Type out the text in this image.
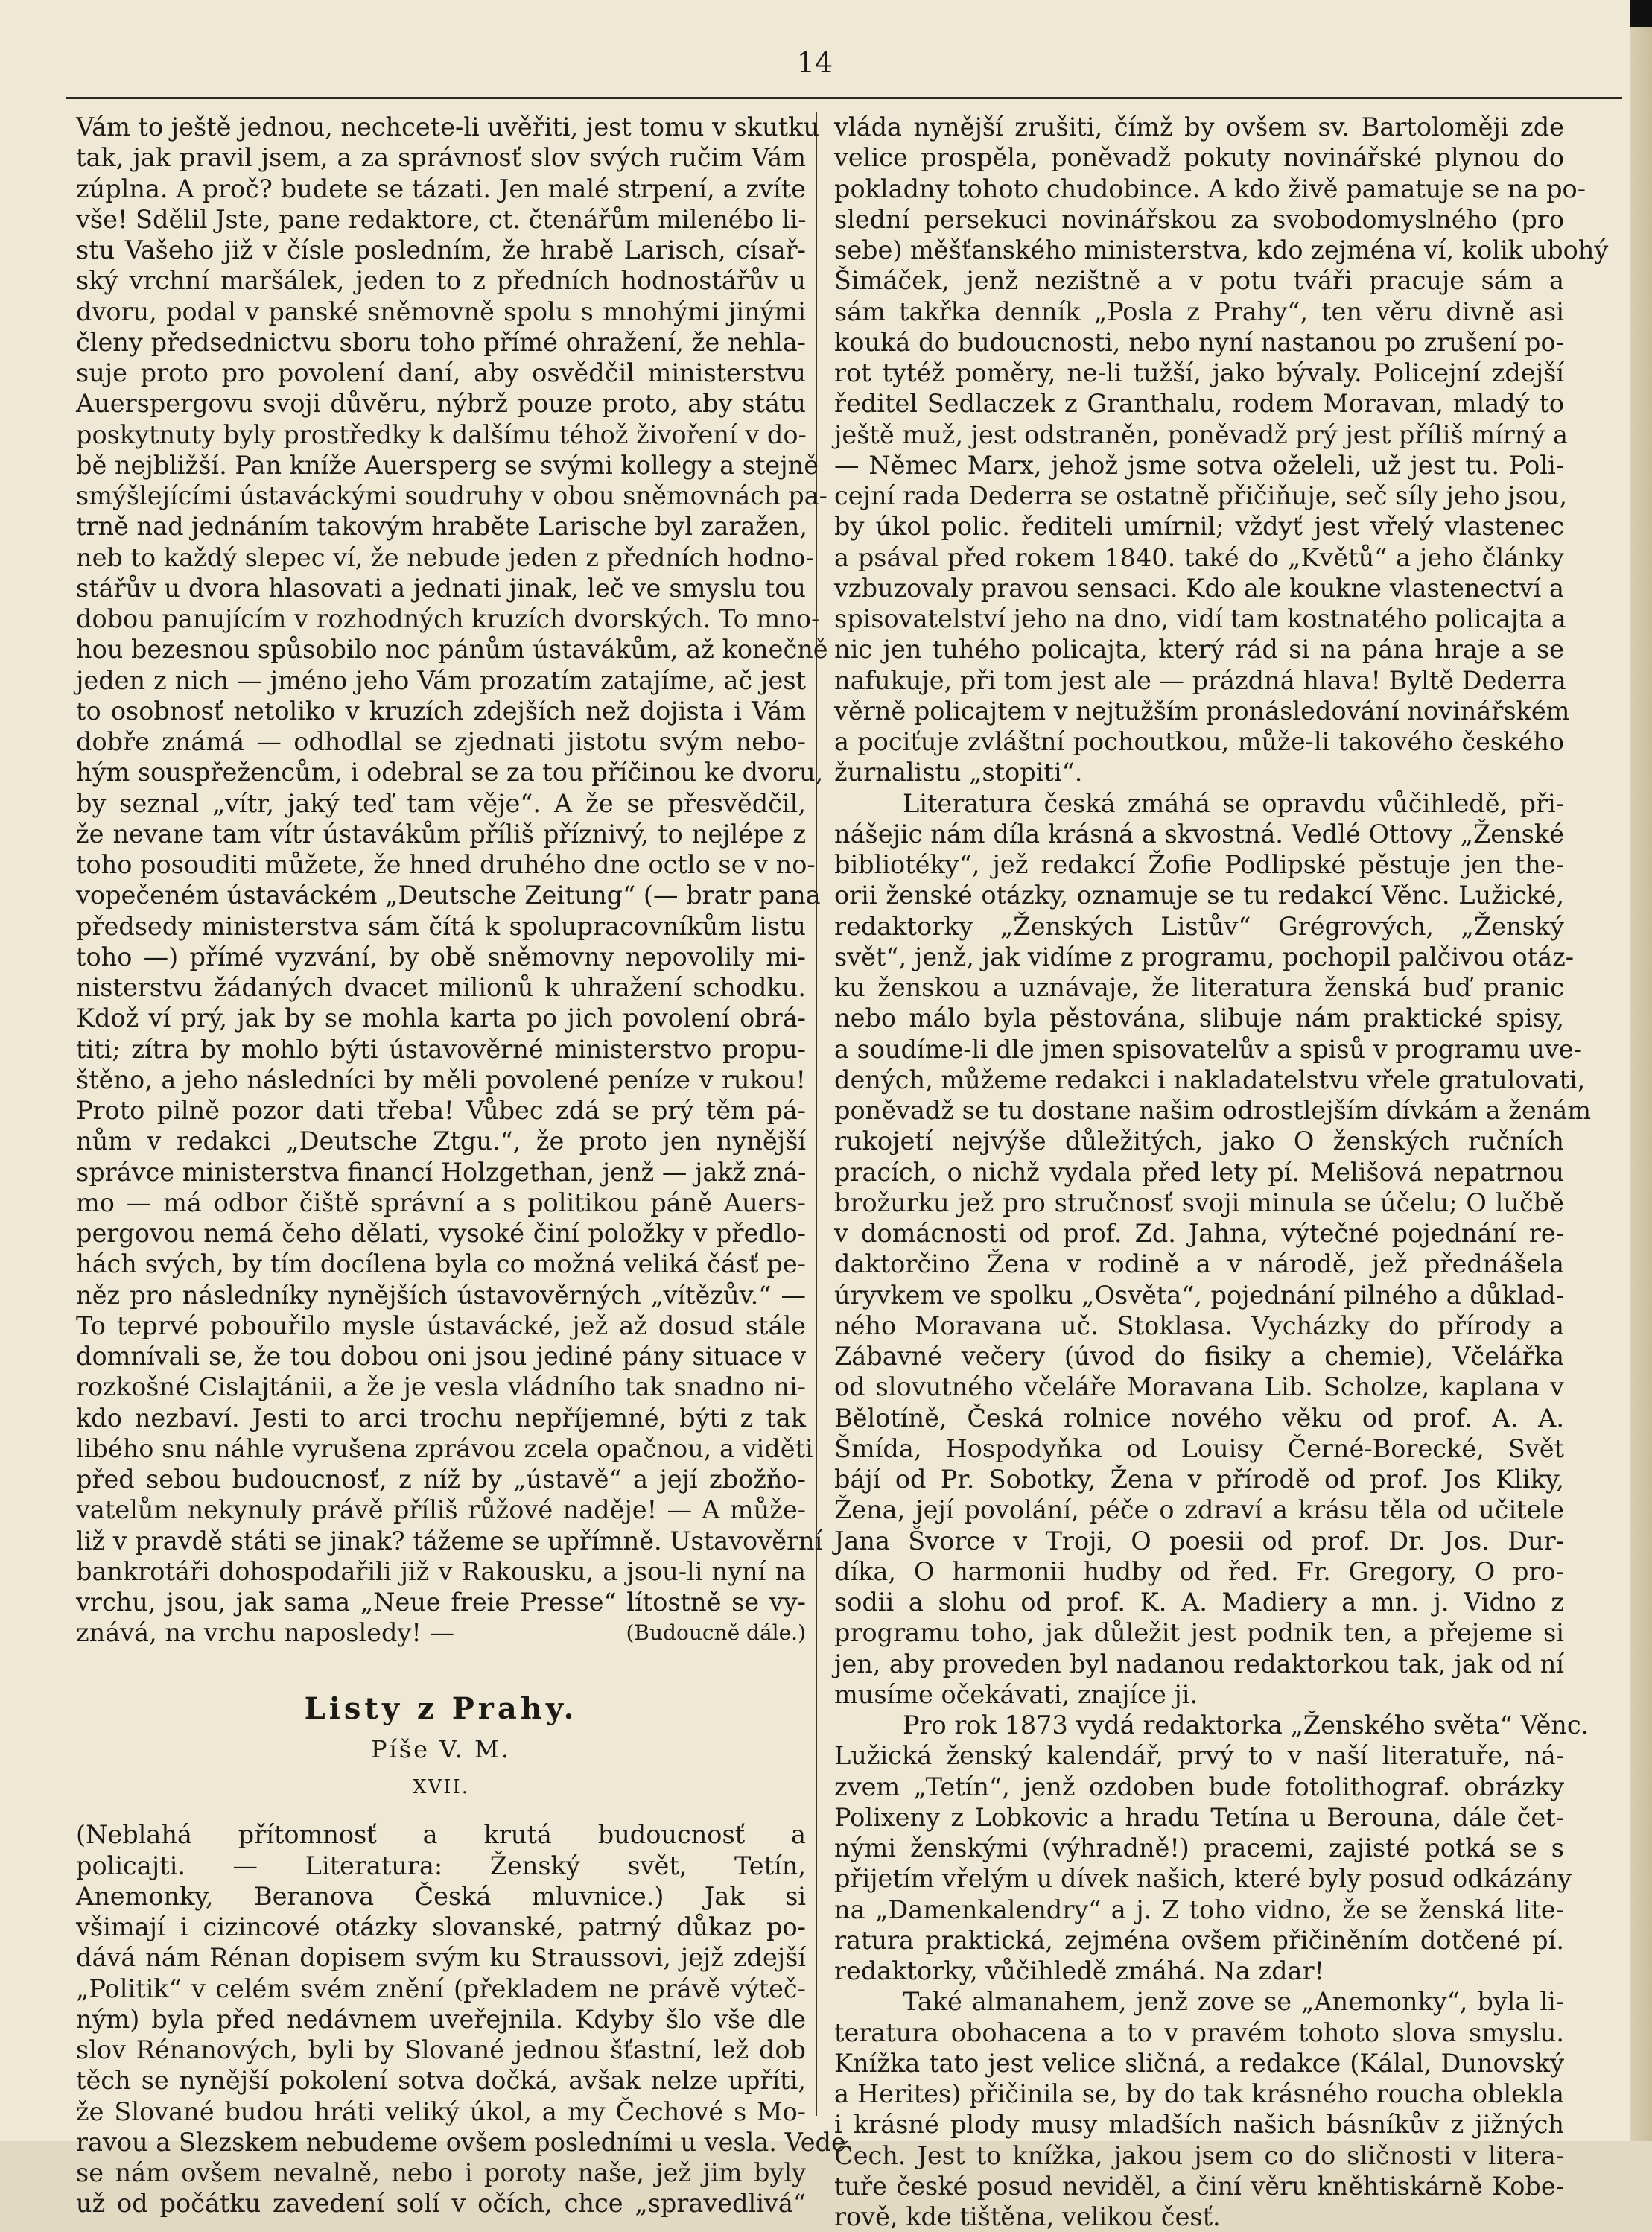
14

Vám to ještě jednou, nechcete-li uvěřiti, jest tomu v skutku

tak, jak pravil jsem, a za správnosť slov svých ručim Vám

zúplna. A proč? budete se tázati. Jen malé strpení, a zvíte

vše! Sdělil Jste, pane redaktore, ct. čtenářům milenébo li-

stu Vašeho již v čísle posledním, že hrabě Larisch, císař-

ský vrchní maršálek, jeden to z předních hodnostářův u

dvoru, podal v panské sněmovně spolu s mnohými jinými

členy předsednictvu sboru toho přímé ohražení, že nehla-

suje proto pro povolení daní, aby osvědčil ministerstvu

Auerspergovu svoji důvěru, nýbrž pouze proto, aby státu

poskytnuty byly prostředky k dalšímu téhož živoření v do-

bě nejbližší. Pan kníže Auersperg se svými kollegy a stejně

smýšlejícími ústaváckými soudruhy v obou sněmovnách pa-

trně nad jednáním takovým hraběte Larische byl zaražen,

neb to každý slepec ví, že nebude jeden z předních hodno-

stářův u dvora hlasovati a jednati jinak, leč ve smyslu tou

dobou panujícím v rozhodných kruzích dvorských. To mno-

hou bezesnou spůsobilo noc pánům ústavákům, až konečně

jeden z nich — jméno jeho Vám prozatím zatajíme, ač jest

to osobnosť netoliko v kruzích zdejších než dojista i Vám

dobře známá — odhodlal se zjednati jistotu svým nebo-

hým souspřežencům, i odebral se za tou příčinou ke dvoru,

by seznal „vítr, jaký teď tam věje“. A že se přesvědčil,

že nevane tam vítr ústavákům příliš příznivý, to nejlépe z

toho posouditi můžete, že hned druhého dne octlo se v no-

vopečeném ústaváckém „Deutsche Zeitung“ (— bratr pana

předsedy ministerstva sám čítá k spolupracovníkům listu

toho —) přímé vyzvání, by obě sněmovny nepovolily mi-

nisterstvu žádaných dvacet milionů k uhražení schodku.

Kdož ví prý, jak by se mohla karta po jich povolení obrá-

titi; zítra by mohlo býti ústavověrné ministerstvo propu-

štěno, a jeho následníci by měli povolené peníze v rukou!

Proto pilně pozor dati třeba! Vůbec zdá se prý těm pá-

nům v redakci „Deutsche Ztgu.“, že proto jen nynější

správce ministerstva financí Holzgethan, jenž — jakž zná-

mo — má odbor čiště správní a s politikou páně Auers-

pergovou nemá čeho dělati, vysoké činí položky v předlo-

hách svých, by tím docílena byla co možná veliká čásť pe-

něz pro následníky nynějších ústavověrných „vítězův.“ —

To teprvé pobouřilo mysle ústavácké, jež až dosud stále

domnívali se, že tou dobou oni jsou jediné pány situace v

rozkošné Cislajtánii, a že je vesla vládního tak snadno ni-

kdo nezbaví. Jesti to arci trochu nepříjemné, býti z tak

libého snu náhle vyrušena zprávou zcela opačnou, a viděti

před sebou budoucnosť, z níž by „ústavě“ a její zbožňo-

vatelům nekynuly právě příliš růžové naděje! — A může-

liž v pravdě státi se jinak? tážeme se upřímně. Ustavověrní

bankrotáři dohospodařili již v Rakousku, a jsou-li nyní na

vrchu, jsou, jak sama „Neue freie Presse“ lítostně se vy-

znává, na vrchu naposledy! —	(Budoucně dále.)

Listy z Prahy.

Píše V. M.

XVII.

(Neblahá přítomnosť a krutá budoucnosť a

policajti. — Literatura: Ženský svět, Tetín,

Anemonky, Beranova Česká mluvnice.) Jak si

všimají i cizincové otázky slovanské, patrný důkaz po-

dává nám Rénan dopisem svým ku Straussovi, jejž zdejší

„Politik“ v celém svém znění (překladem ne právě výteč-

ným) byla před nedávnem uveřejnila. Kdyby šlo vše dle

slov Rénanových, byli by Slované jednou šťastní, lež dob

těch se nynější pokolení sotva dočká, avšak nelze upříti,

že Slované budou hráti veliký úkol, a my Čechové s Mo-

ravou a Slezskem nebudeme ovšem posledními u vesla. Vede

se nám ovšem nevalně, nebo i poroty naše, jež jim byly

už od počátku zavedení solí v očích, chce „spravedlivá“

vláda nynější zrušiti, čímž by ovšem sv. Bartoloměji zde

velice prospěla, poněvadž pokuty novinářské plynou do

pokladny tohoto chudobince. A kdo živě pamatuje se na po-

slední persekuci novinářskou za svobodomyslného (pro

sebe) měšťanského ministerstva, kdo zejména ví, kolik ubohý

Šimáček, jenž nezištně a v potu tváři pracuje sám a

sám takřka denník „Posla z Prahy“, ten věru divně asi

kouká do budoucnosti, nebo nyní nastanou po zrušení po-

rot tytéž poměry, ne-li tužší, jako bývaly. Policejní zdejší

ředitel Sedlaczek z Granthalu, rodem Moravan, mladý to

ještě muž, jest odstraněn, poněvadž prý jest příliš mírný a

— Němec Marx, jehož jsme sotva oželeli, už jest tu. Poli-

cejní rada Dederra se ostatně přičiňuje, seč síly jeho jsou,

by úkol polic. řediteli umírnil; vždyť jest vřelý vlastenec

a psával před rokem 1840. také do „Květů“ a jeho články

vzbuzovaly pravou sensaci. Kdo ale koukne vlastenectví a

spisovatelství jeho na dno, vidí tam kostnatého policajta a

nic jen tuhého policajta, který rád si na pána hraje a se

nafukuje, při tom jest ale — prázdná hlava! Byltě Dederra

věrně policajtem v nejtužším pronásledování novinářském

a pociťuje zvláštní pochoutkou, může-li takového českého

žurnalistu „stopiti“.

Literatura česká zmáhá se opravdu vůčihledě, při-

nášejic nám díla krásná a skvostná. Vedlé Ottovy „Ženské

bibliotéky“, jež redakcí Žofie Podlipské pěstuje jen the-

orii ženské otázky, oznamuje se tu redakcí Věnc. Lužické,

redaktorky „Ženských Listův“ Grégrových, „Ženský

svět“, jenž, jak vidíme z programu, pochopil palčivou otáz-

ku ženskou a uznávaje, že literatura ženská buď pranic

nebo málo byla pěstována, slibuje nám praktické spisy,

a soudíme-li dle jmen spisovatelův a spisů v programu uve-

dených, můžeme redakci i nakladatelstvu vřele gratulovati,

poněvadž se tu dostane našim odrostlejším dívkám a ženám

rukojetí nejvýše důležitých, jako O ženských ručních

pracích, o nichž vydala před lety pí. Melišová nepatrnou

brožurku jež pro stručnosť svoji minula se účelu; O lučbě

v domácnosti od prof. Zd. Jahna, výtečné pojednání re-

daktorčino Žena v rodině a v národě, jež přednášela

úryvkem ve spolku „Osvěta“, pojednání pilného a důklad-

ného Moravana uč. Stoklasa. Vycházky do přírody a

Zábavné večery (úvod do fisiky a chemie), Včelářka

od slovutného včeláře Moravana Lib. Scholze, kaplana v

Bělotíně, Česká rolnice nového věku od prof. A. A.

Šmída, Hospodyňka od Louisy Černé-Borecké, Svět

bájí od Pr. Sobotky, Žena v přírodě od prof. Jos Kliky,

Žena, její povolání, péče o zdraví a krásu těla od učitele

Jana Švorce v Troji, O poesii od prof. Dr. Jos. Dur-

díka, O harmonii hudby od řed. Fr. Gregory, O pro-

sodii a slohu od prof. K. A. Madiery a mn. j. Vidno z

programu toho, jak důležit jest podnik ten, a přejeme si

jen, aby proveden byl nadanou redaktorkou tak, jak od ní

musíme očekávati, znajíce ji.

Pro rok 1873 vydá redaktorka „Ženského světa“ Věnc.

Lužická ženský kalendář, prvý to v naší literatuře, ná-

zvem „Tetín“, jenž ozdoben bude fotolithograf. obrázky

Polixeny z Lobkovic a hradu Tetína u Berouna, dále čet-

nými ženskými (výhradně!) pracemi, zajisté potká se s

přijetím vřelým u dívek našich, které byly posud odkázány

na „Damenkalendry“ a j. Z toho vidno, že se ženská lite-

ratura praktická, zejména ovšem přičiněním dotčené pí.

redaktorky, vůčihledě zmáhá. Na zdar!

Také almanahem, jenž zove se „Anemonky“, byla li-

teratura obohacena a to v pravém tohoto slova smyslu.

Knížka tato jest velice sličná, a redakce (Kálal, Dunovský

a Herites) přičinila se, by do tak krásného roucha oblekla

i krásné plody musy mladších našich básníkův z jižných

Čech. Jest to knížka, jakou jsem co do sličnosti v litera-

tuře české posud neviděl, a činí věru kněhtiskárně Kobe-

rově, kde tištěna, velikou česť.
